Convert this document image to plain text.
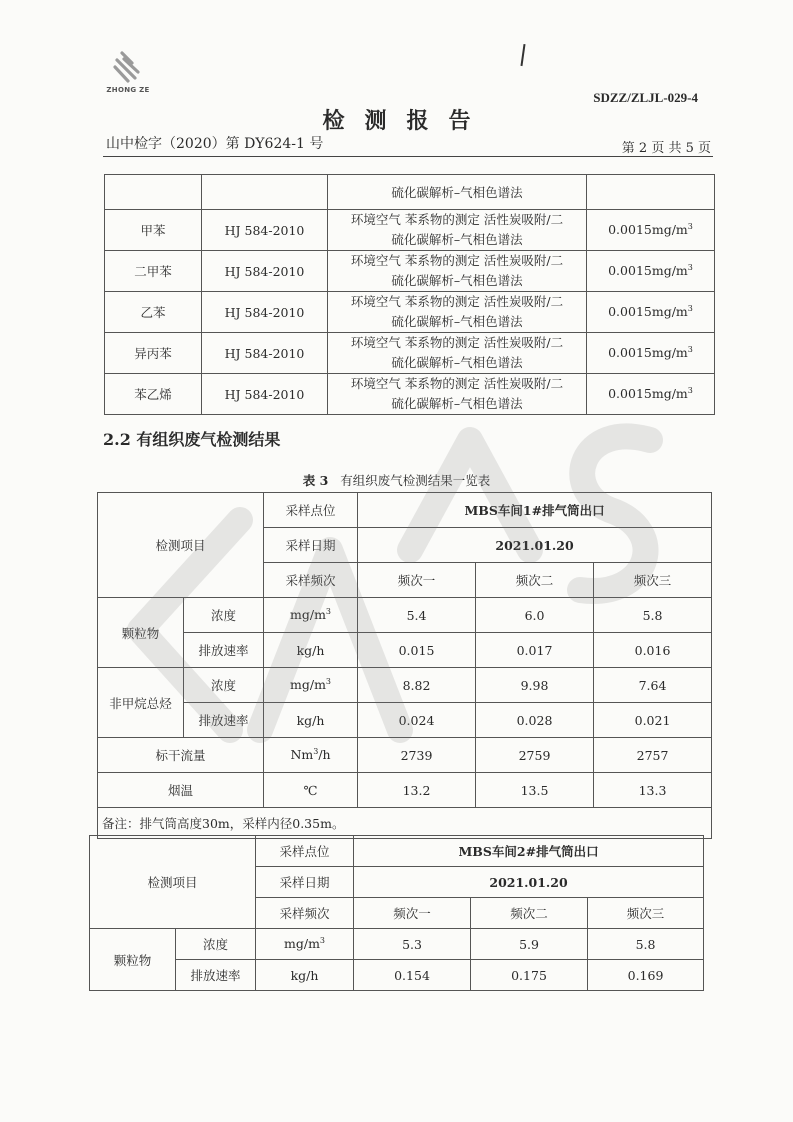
ZHONG ZE	SDZZ/ZLJL-029-4
检测报告
山中检字（2020）第 DY624-1 号	第 2 页 共 5 页
		硫化碳解析–气相色谱法	
甲苯	HJ 584-2010	环境空气 苯系物的测定 活性炭吸附/二
硫化碳解析–气相色谱法	$0.0015mg/m^3$
二甲苯	HJ 584-2010	环境空气 苯系物的测定 活性炭吸附/二
硫化碳解析–气相色谱法	$0.0015mg/m^3$
乙苯	HJ 584-2010	环境空气 苯系物的测定 活性炭吸附/二
硫化碳解析–气相色谱法	$0.0015mg/m^3$
异丙苯	HJ 584-2010	环境空气 苯系物的测定 活性炭吸附/二
硫化碳解析–气相色谱法	$0.0015mg/m^3$
苯乙烯	HJ 584-2010	环境空气 苯系物的测定 活性炭吸附/二
硫化碳解析–气相色谱法	$0.0015mg/m^3$
2.2 有组织废气检测结果
表 3 有组织废气检测结果一览表
检测项目		采样点位	MBS车间1#排气筒出口		
		采样日期	2021.01.20		
		采样频次	频次一	频次二	频次三
颗粒物	浓度	$mg/m^3$	5.4	6.0	5.8
	排放速率	kg/h	0.015	0.017	0.016
非甲烷总烃	浓度	$mg/m^3$	8.82	9.98	7.64
	排放速率	kg/h	0.024	0.028	0.021
标干流量		Nm$^3$/h	2739	2759	2757
烟温		℃	13.2	13.5	13.3
备注：排气筒高度30m，采样内径0.35m。					
检测项目		采样点位	MBS车间2#排气筒出口		
		采样日期	2021.01.20		
		采样频次	频次一	频次二	频次三
颗粒物	浓度	$mg/m^3$	5.3	5.9	5.8
	排放速率	kg/h	0.154	0.175	0.169
